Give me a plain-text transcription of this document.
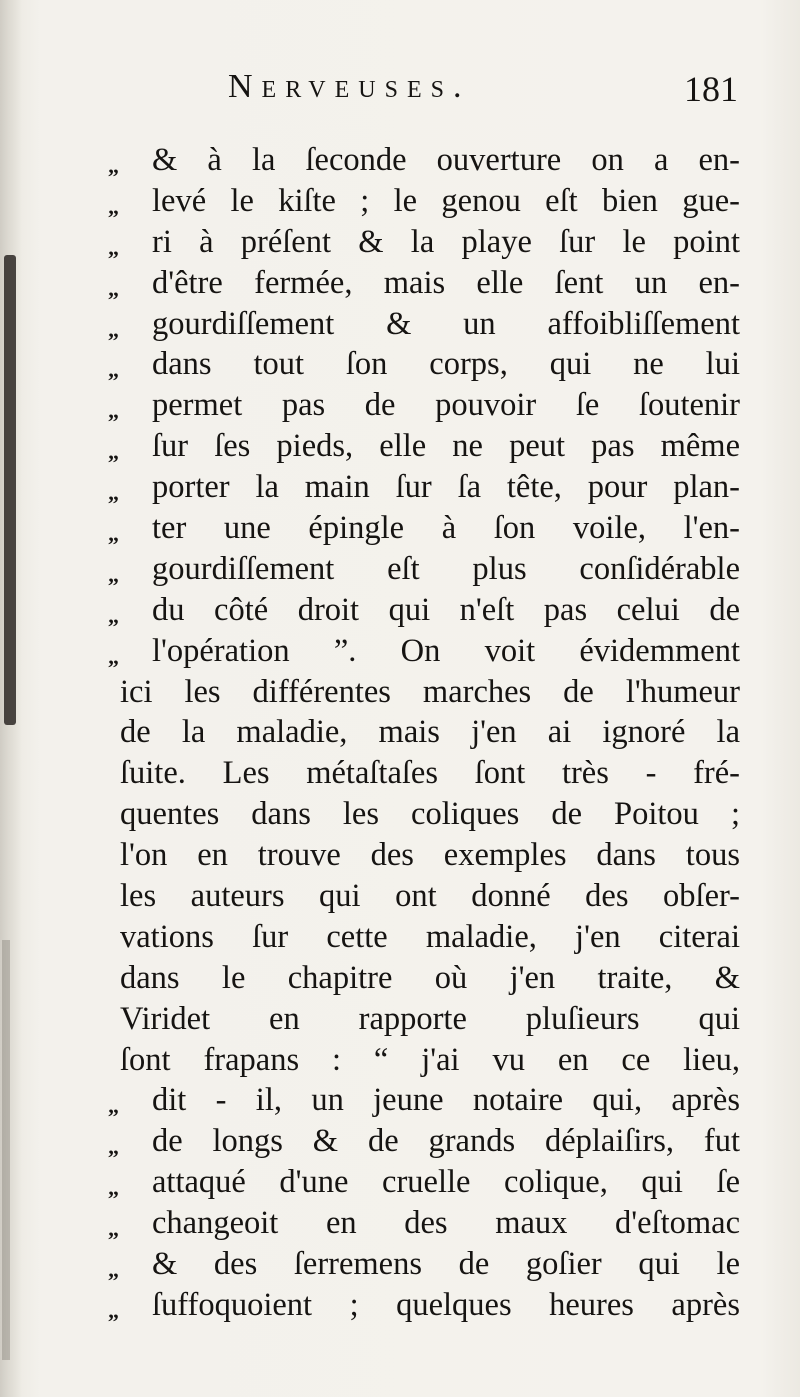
Nerveuses.	181
„	& à la ſeconde ouverture on a en-
„	levé le kiſte ; le genou eſt bien gue-
„	ri à préſent & la playe ſur le point
„	d'être fermée, mais elle ſent un en-
„	gourdiſſement & un affoibliſſement
„	dans tout ſon corps, qui ne lui
„	permet pas de pouvoir ſe ſoutenir
„	ſur ſes pieds, elle ne peut pas même
„	porter la main ſur ſa tête, pour plan-
„	ter une épingle à ſon voile, l'en-
„	gourdiſſement eſt plus conſidérable
„	du côté droit qui n'eſt pas celui de
„	l'opération ”. On voit évidemment
ici les différentes marches de l'humeur
de la maladie, mais j'en ai ignoré la
ſuite. Les métaſtaſes ſont très - fré-
quentes dans les coliques de Poitou ;
l'on en trouve des exemples dans tous
les auteurs qui ont donné des obſer-
vations ſur cette maladie, j'en citerai
dans le chapitre où j'en traite, &
Viridet en rapporte pluſieurs qui
ſont frapans : “ j'ai vu en ce lieu,
„	dit - il, un jeune notaire qui, après
„	de longs & de grands déplaiſirs, fut
„	attaqué d'une cruelle colique, qui ſe
„	changeoit en des maux d'eſtomac
„	& des ſerremens de goſier qui le
„	ſuffoquoient ; quelques heures après
